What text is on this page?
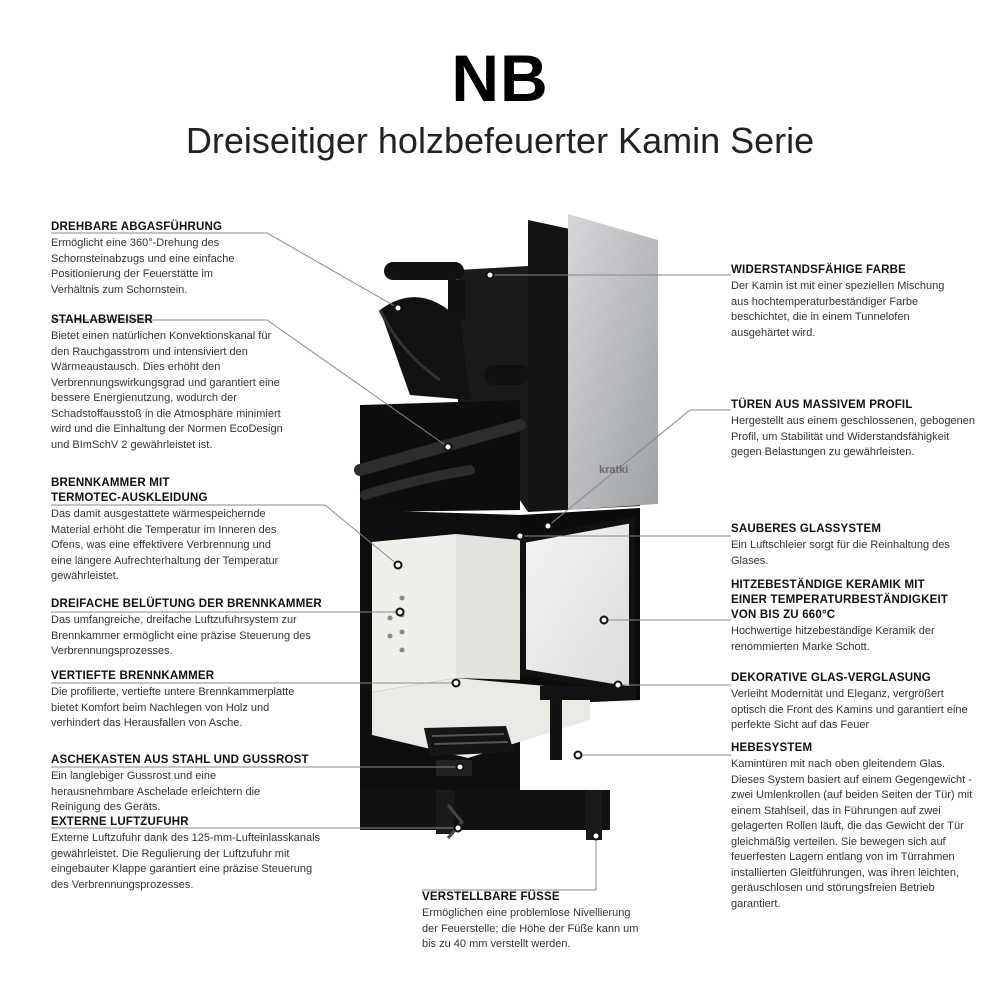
NB
Dreiseitiger holzbefeuerter Kamin Serie
kratki
DREHBARE ABGASFÜHRUNG
Ermöglicht eine 360°-Drehung des Schornsteinabzugs und eine einfache Positionierung der Feuerstätte im Verhältnis zum Schornstein.
STAHLABWEISER
Bietet einen natürlichen Konvektionskanal für den Rauchgasstrom und intensiviert den Wärmeaustausch. Dies erhöht den Verbrennungswirkungsgrad und garantiert eine bessere Energienutzung, wodurch der Schadstoffausstoß in die Atmosphäre minimiert wird und die Einhaltung der Normen EcoDesign und BImSchV 2 gewährleistet ist.
BRENNKAMMER MIT TERMOTEC-AUSKLEIDUNG
Das damit ausgestattete wärmespeichernde Material erhöht die Temperatur im Inneren des Ofens, was eine effektivere Verbrennung und eine längere Aufrechterhaltung der Temperatur gewährleistet.
DREIFACHE BELÜFTUNG DER BRENNKAMMER
Das umfangreiche, dreifache Luftzufuhrsystem zur Brennkammer ermöglicht eine präzise Steuerung des Verbrennungsprozesses.
VERTIEFTE BRENNKAMMER
Die profilierte, vertiefte untere Brennkammerplatte bietet Komfort beim Nachlegen von Holz und verhindert das Herausfallen von Asche.
ASCHEKASTEN AUS STAHL UND GUSSROST
Ein langlebiger Gussrost und eine herausnehmbare Aschelade erleichtern die Reinigung des Geräts.
EXTERNE LUFTZUFUHR
Externe Luftzufuhr dank des 125-mm-Lufteinlasskanals gewährleistet. Die Regulierung der Luftzufuhr mit eingebauter Klappe garantiert eine präzise Steuerung des Verbrennungsprozesses.
VERSTELLBARE FÜSSE
Ermöglichen eine problemlose Nivellierung der Feuerstelle; die Höhe der Füße kann um bis zu 40 mm verstellt werden.
WIDERSTANDSFÄHIGE FARBE
Der Kamin ist mit einer speziellen Mischung aus hochtemperaturbeständiger Farbe beschichtet, die in einem Tunnelofen ausgehärtet wird.
TÜREN AUS MASSIVEM PROFIL
Hergestellt aus einem geschlossenen, gebogenen Profil, um Stabilität und Widerstandsfähigkeit gegen Belastungen zu gewährleisten.
SAUBERES GLASSYSTEM
Ein Luftschleier sorgt für die Reinhaltung des Glases.
HITZEBESTÄNDIGE KERAMIK MIT EINER TEMPERATURBESTÄNDIGKEIT VON BIS ZU 660°C
Hochwertige hitzebeständige Keramik der renommierten Marke Schott.
DEKORATIVE GLAS-VERGLASUNG
Verleiht Modernität und Eleganz, vergrößert optisch die Front des Kamins und garantiert eine perfekte Sicht auf das Feuer
HEBESYSTEM
Kamintüren mit nach oben gleitendem Glas. Dieses System basiert auf einem Gegengewicht - zwei Umlenkrollen (auf beiden Seiten der Tür) mit einem Stahlseil, das in Führungen auf zwei gelagerten Rollen läuft, die das Gewicht der Tür gleichmäßig verteilen. Sie bewegen sich auf feuerfesten Lagern entlang von im Türrahmen installierten Gleitführungen, was ihren leichten, geräuschlosen und störungsfreien Betrieb garantiert.
